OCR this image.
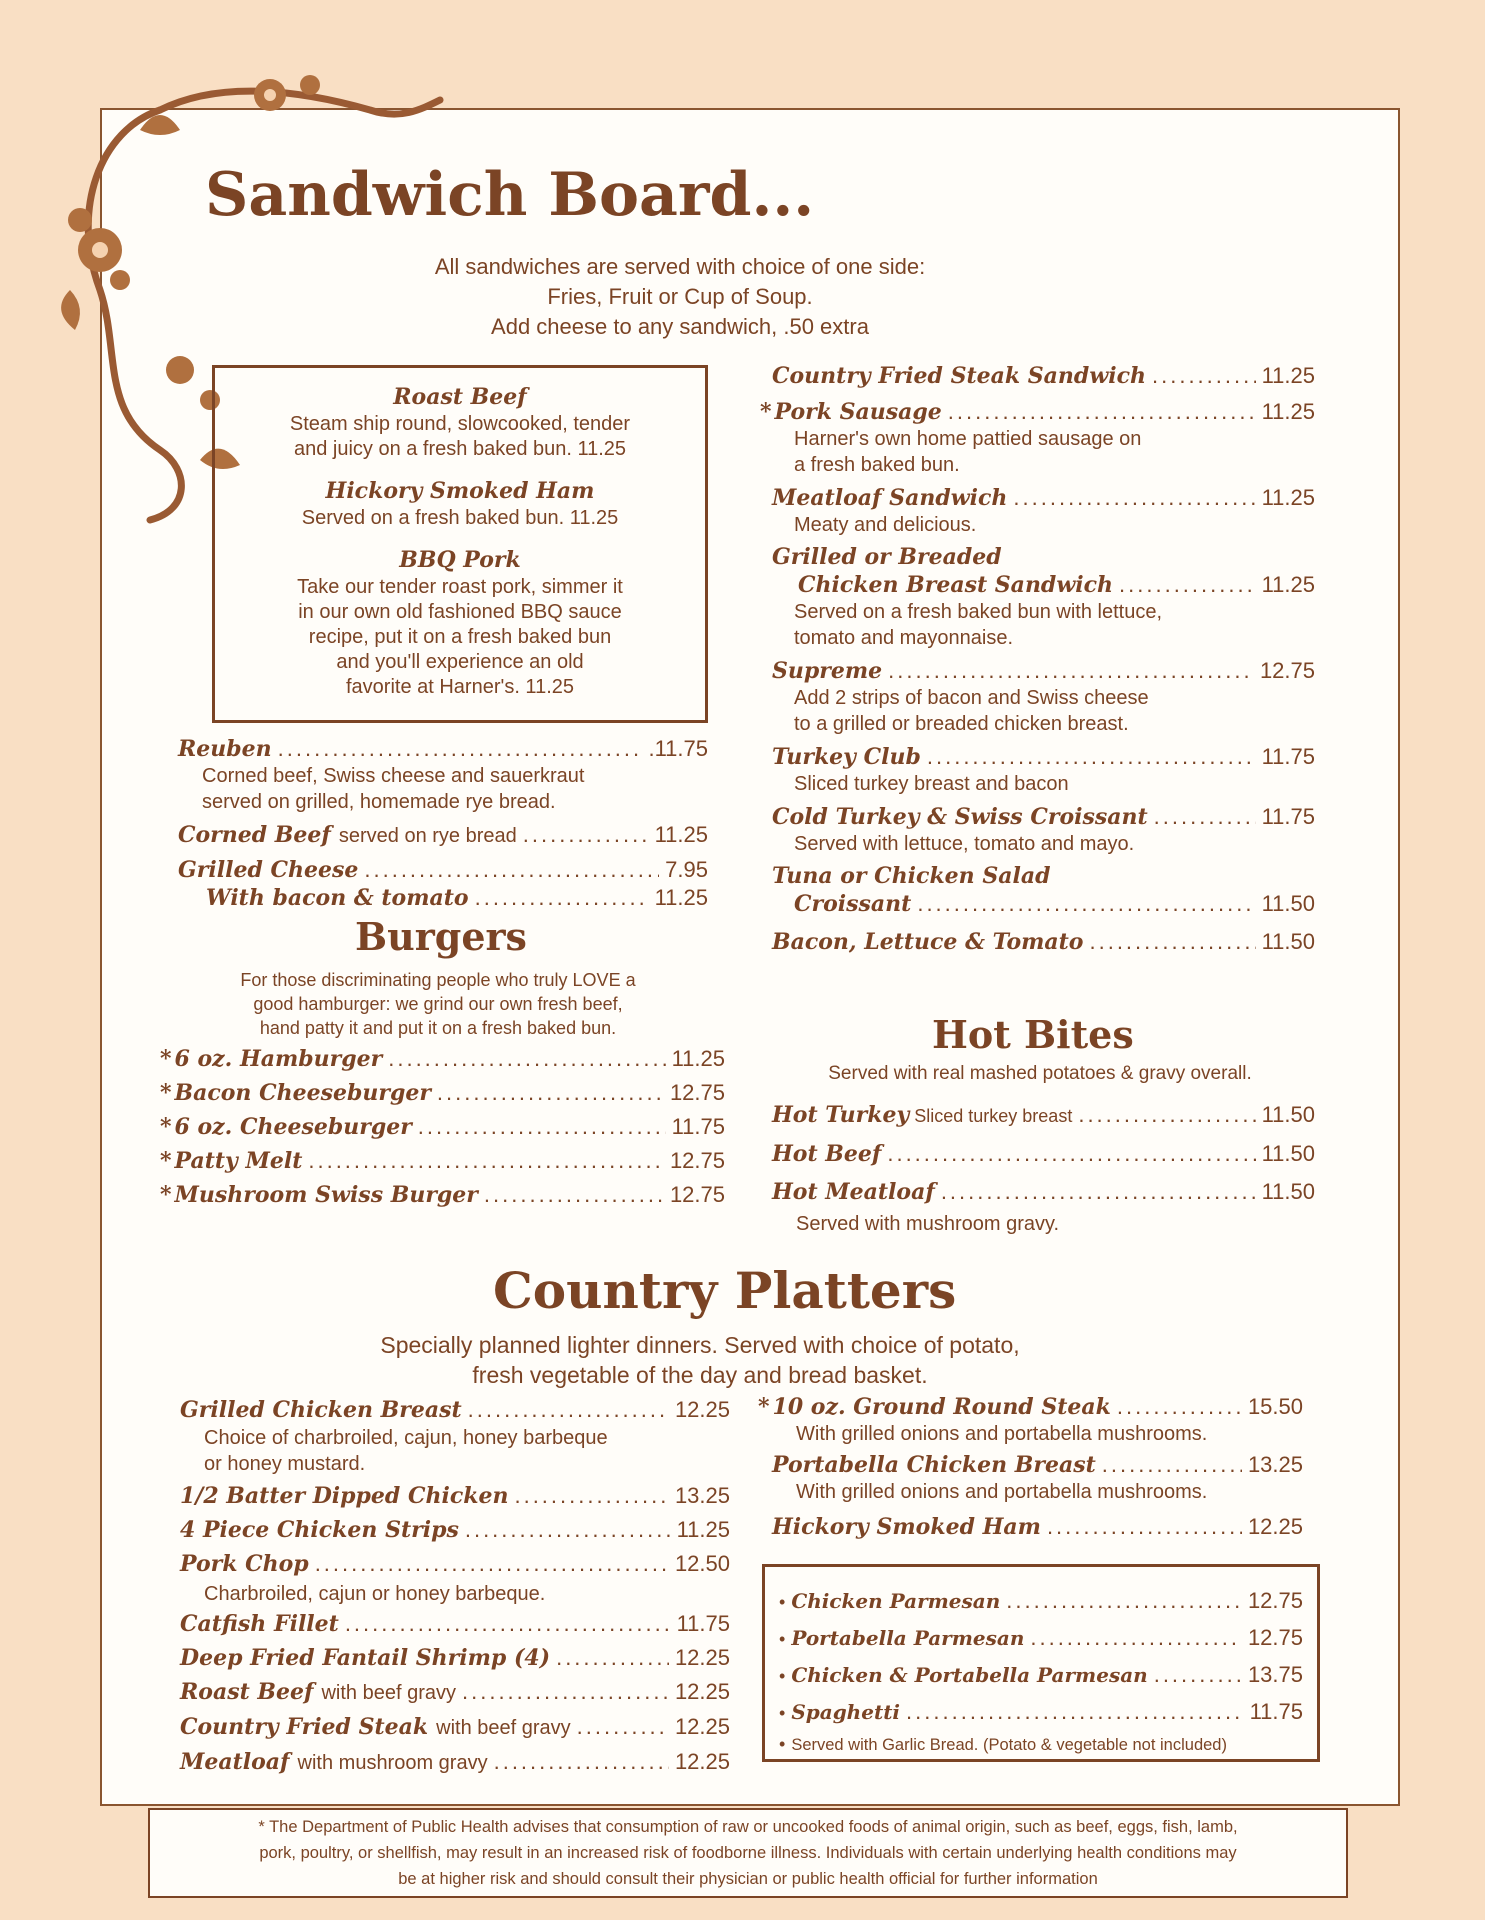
Sandwich Board...
All sandwiches are served with choice of one side:
Fries, Fruit or Cup of Soup.
Add cheese to any sandwich, .50 extra
Roast Beef
Steam ship round, slowcooked, tender
and juicy on a fresh baked bun. 11.25
Hickory Smoked Ham
Served on a fresh baked bun. 11.25
BBQ Pork
Take our tender roast pork, simmer it
in our own old fashioned BBQ sauce
recipe, put it on a fresh baked bun
and you'll experience an old
favorite at Harner's. 11.25
Reuben .....	.11.75
Corned beef, Swiss cheese and sauerkraut
served on grilled, homemade rye bread.
Corned Beef served on rye bread .....	11.25
Grilled Cheese .....	7.95
With bacon & tomato .....	11.25
Burgers
For those discriminating people who truly LOVE a
good hamburger: we grind our own fresh beef,
hand patty it and put it on a fresh baked bun.
* 6 oz. Hamburger .....	11.25
* Bacon Cheeseburger .....	12.75
* 6 oz. Cheeseburger .....	11.75
* Patty Melt .....	12.75
* Mushroom Swiss Burger .....	12.75
Country Fried Steak Sandwich .....	11.25
* Pork Sausage .....	11.25
Harner's own home pattied sausage on
a fresh baked bun.
Meatloaf Sandwich .....	11.25
Meaty and delicious.
Grilled or Breaded
Chicken Breast Sandwich .....	11.25
Served on a fresh baked bun with lettuce,
tomato and mayonnaise.
Supreme .....	12.75
Add 2 strips of bacon and Swiss cheese
to a grilled or breaded chicken breast.
Turkey Club .....	11.75
Sliced turkey breast and bacon
Cold Turkey & Swiss Croissant .....	11.75
Served with lettuce, tomato and mayo.
Tuna or Chicken Salad
Croissant .....	11.50
Bacon, Lettuce & Tomato .....	11.50
Hot Bites
Served with real mashed potatoes & gravy overall.
Hot Turkey Sliced turkey breast .....	11.50
Hot Beef .....	11.50
Hot Meatloaf .....	11.50
Served with mushroom gravy.
Country Platters
Specially planned lighter dinners. Served with choice of potato,
fresh vegetable of the day and bread basket.
Grilled Chicken Breast .....	12.25
Choice of charbroiled, cajun, honey barbeque
or honey mustard.
1/2 Batter Dipped Chicken .....	13.25
4 Piece Chicken Strips .....	11.25
Pork Chop .....	12.50
Charbroiled, cajun or honey barbeque.
Catfish Fillet .....	11.75
Deep Fried Fantail Shrimp (4) .....	12.25
Roast Beef with beef gravy .....	12.25
Country Fried Steak with beef gravy .....	12.25
Meatloaf with mushroom gravy .....	12.25
* 10 oz. Ground Round Steak .....	15.50
With grilled onions and portabella mushrooms.
Portabella Chicken Breast .....	13.25
With grilled onions and portabella mushrooms.
Hickory Smoked Ham .....	12.25
• Chicken Parmesan .....	12.75
• Portabella Parmesan .....	12.75
• Chicken & Portabella Parmesan .....	13.75
• Spaghetti .....	11.75
• Served with Garlic Bread. (Potato & vegetable not included)
* The Department of Public Health advises that consumption of raw or uncooked foods of animal origin, such as beef, eggs, fish, lamb,
pork, poultry, or shellfish, may result in an increased risk of foodborne illness. Individuals with certain underlying health conditions may
be at higher risk and should consult their physician or public health official for further information
